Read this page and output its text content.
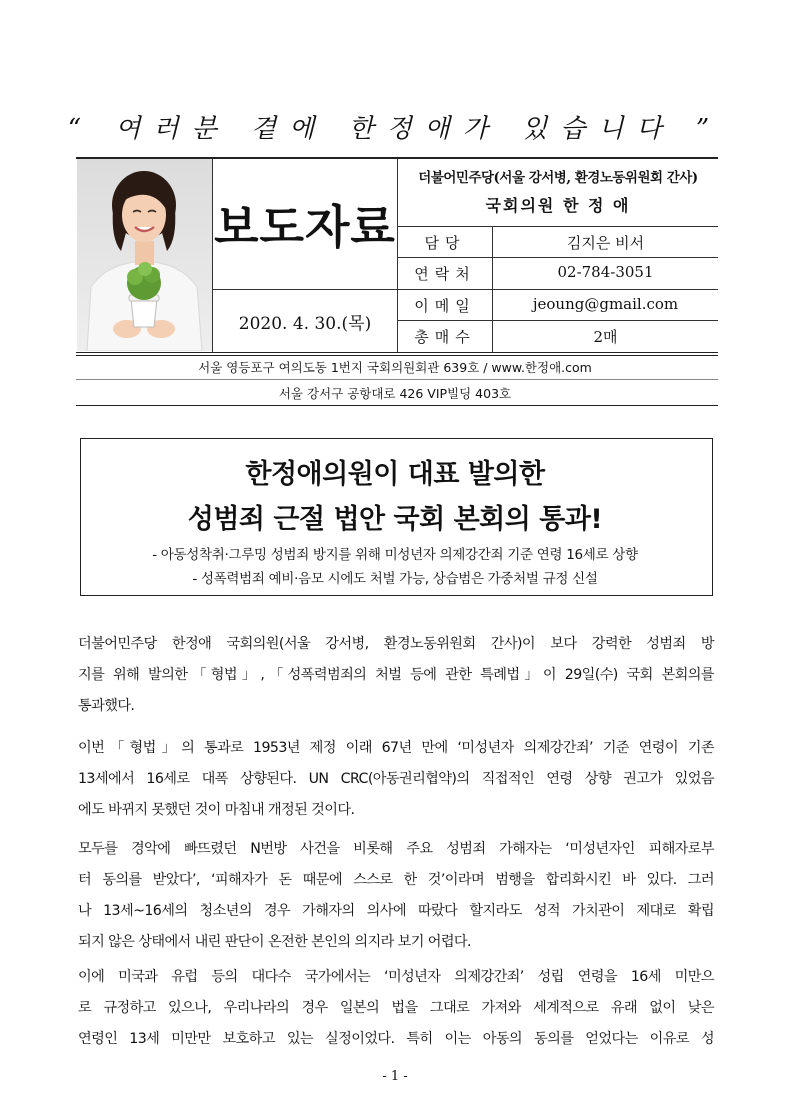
“ 여러분 곁에 한정애가 있습니다 ”
보도자료
2020. 4. 30.(목)
더불어민주당(서울 강서병, 환경노동위원회 간사)
국회의원 한 정 애
담당	김지은 비서
연락처	02-784-3051
이메일	jeoung@gmail.com
총매수	2매
서울 영등포구 여의도동 1번지 국회의원회관 639호 / www.한정애.com
서울 강서구 공항대로 426 VIP빌딩 403호
한정애의원이 대표 발의한
성범죄 근절 법안 국회 본회의 통과!
- 아동성착취·그루밍 성범죄 방지를 위해 미성년자 의제강간죄 기준 연령 16세로 상향
- 성폭력범죄 예비·음모 시에도 처벌 가능, 상습범은 가중처벌 규정 신설
더불어민주당 한정애 국회의원(서울 강서병, 환경노동위원회 간사)이 보다 강력한 성범죄 방
지를 위해 발의한「형법」,「성폭력범죄의 처벌 등에 관한 특례법」이 29일(수) 국회 본회의를
통과했다.
이번「형법」의 통과로 1953년 제정 이래 67년 만에 ‘미성년자 의제강간죄’ 기준 연령이 기존
13세에서 16세로 대폭 상향된다. UN CRC(아동권리협약)의 직접적인 연령 상향 권고가 있었음
에도 바뀌지 못했던 것이 마침내 개정된 것이다.
모두를 경악에 빠뜨렸던 N번방 사건을 비롯해 주요 성범죄 가해자는 ‘미성년자인 피해자로부
터 동의를 받았다’, ‘피해자가 돈 때문에 스스로 한 것’이라며 범행을 합리화시킨 바 있다. 그러
나 13세~16세의 청소년의 경우 가해자의 의사에 따랐다 할지라도 성적 가치관이 제대로 확립
되지 않은 상태에서 내린 판단이 온전한 본인의 의지라 보기 어렵다.
이에 미국과 유럽 등의 대다수 국가에서는 ‘미성년자 의제강간죄’ 성립 연령을 16세 미만으
로 규정하고 있으나, 우리나라의 경우 일본의 법을 그대로 가져와 세계적으로 유래 없이 낮은
연령인 13세 미만만 보호하고 있는 실정이었다. 특히 이는 아동의 동의를 얻었다는 이유로 성
- 1 -
